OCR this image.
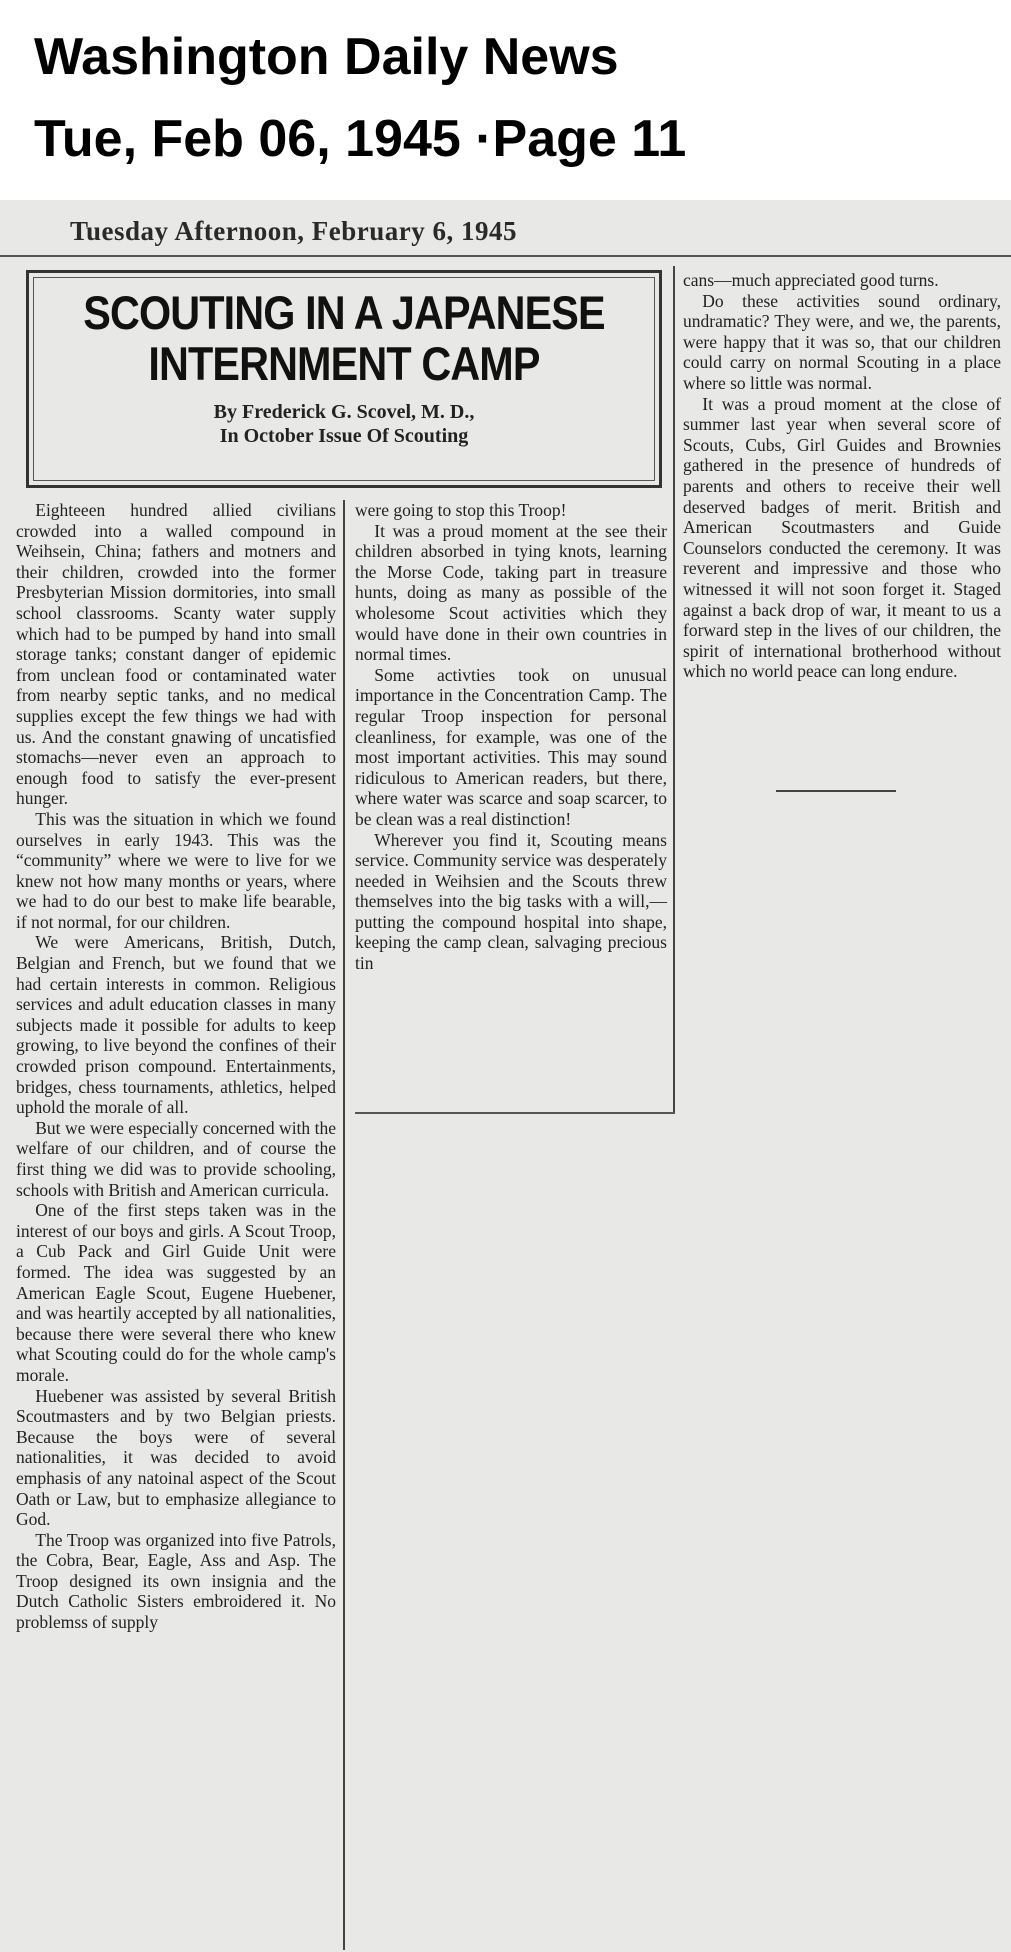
Washington Daily News
Tue, Feb 06, 1945 ·Page 11
Tuesday Afternoon, February 6, 1945
SCOUTING IN A JAPANESE
INTERNMENT CAMP
By Frederick G. Scovel, M. D.,
In October Issue Of Scouting

Eighteeen hundred allied civilians crowded into a walled compound in Weihsein, China; fathers and motners and their children, crowded into the former Presbyterian Mission dormitories, into small school classrooms. Scanty water supply which had to be pumped by hand into small storage tanks; constant danger of epidemic from unclean food or contaminated water from nearby septic tanks, and no medical supplies except the few things we had with us. And the constant gnawing of uncatisfied stomachs—never even an approach to enough food to satisfy the ever-present hunger.

This was the situation in which we found ourselves in early 1943. This was the “community” where we were to live for we knew not how many months or years, where we had to do our best to make life bearable, if not normal, for our children.

We were Americans, British, Dutch, Belgian and French, but we found that we had certain interests in common. Religious services and adult education classes in many subjects made it possible for adults to keep growing, to live beyond the confines of their crowded prison compound. Entertainments, bridges, chess tournaments, athletics, helped uphold the morale of all.

But we were especially concerned with the welfare of our children, and of course the first thing we did was to provide schooling, schools with British and American curricula.

One of the first steps taken was in the interest of our boys and girls. A Scout Troop, a Cub Pack and Girl Guide Unit were formed. The idea was suggested by an American Eagle Scout, Eugene Huebener, and was heartily accepted by all nationalities, because there were several there who knew what Scouting could do for the whole camp's morale.

Huebener was assisted by several British Scoutmasters and by two Belgian priests. Because the boys were of several nationalities, it was decided to avoid emphasis of any natoinal aspect of the Scout Oath or Law, but to emphasize allegiance to God.

The Troop was organized into five Patrols, the Cobra, Bear, Eagle, Ass and Asp. The Troop designed its own insignia and the Dutch Catholic Sisters embroidered it. No problemss of supply

were going to stop this Troop!

It was a proud moment at the see their children absorbed in tying knots, learning the Morse Code, taking part in treasure hunts, doing as many as possible of the wholesome Scout activities which they would have done in their own countries in normal times.

Some activties took on unusual importance in the Concentration Camp. The regular Troop inspection for personal cleanliness, for example, was one of the most important activities. This may sound ridiculous to American readers, but there, where water was scarce and soap scarcer, to be clean was a real distinction!

Wherever you find it, Scouting means service. Community service was desperately needed in Weihsien and the Scouts threw themselves into the big tasks with a will,—putting the compound hospital into shape, keeping the camp clean, salvaging precious tin

cans—much appreciated good turns.

Do these activities sound ordinary, undramatic? They were, and we, the parents, were happy that it was so, that our children could carry on normal Scouting in a place where so little was normal.

It was a proud moment at the close of summer last year when several score of Scouts, Cubs, Girl Guides and Brownies gathered in the presence of hundreds of parents and others to receive their well deserved badges of merit. British and American Scoutmasters and Guide Counselors conducted the ceremony. It was reverent and impressive and those who witnessed it will not soon forget it. Staged against a back drop of war, it meant to us a forward step in the lives of our children, the spirit of international brotherhood without which no world peace can long endure.
